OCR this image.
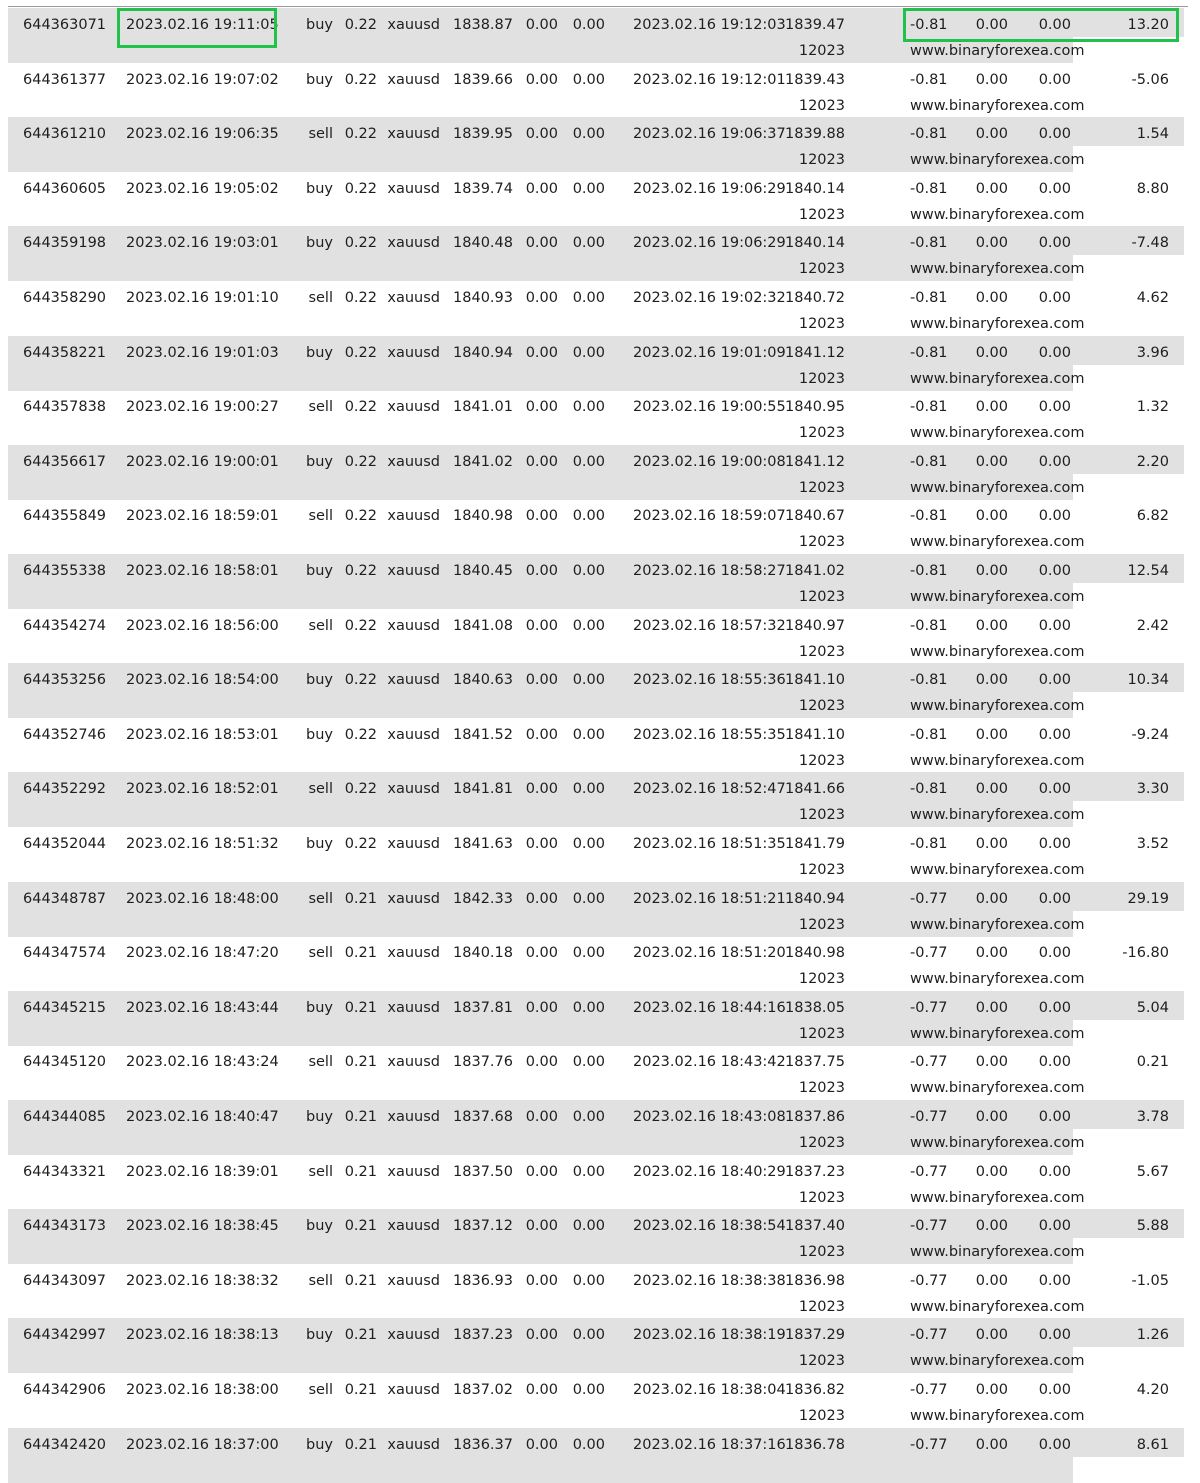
644363071 2023.02.16 19:11:05 buy 0.22 xauusd 1838.87 0.00 0.00 2023.02.16 19:12:03 1839.47
12023
-0.81 0.00 0.00
www.binaryforexea.com
13.20
644361377 2023.02.16 19:07:02 buy 0.22 xauusd 1839.66 0.00 0.00 2023.02.16 19:12:01 1839.43
12023
-0.81 0.00 0.00
www.binaryforexea.com
-5.06
644361210 2023.02.16 19:06:35 sell 0.22 xauusd 1839.95 0.00 0.00 2023.02.16 19:06:37 1839.88
12023
-0.81 0.00 0.00
www.binaryforexea.com
1.54
644360605 2023.02.16 19:05:02 buy 0.22 xauusd 1839.74 0.00 0.00 2023.02.16 19:06:29 1840.14
12023
-0.81 0.00 0.00
www.binaryforexea.com
8.80
644359198 2023.02.16 19:03:01 buy 0.22 xauusd 1840.48 0.00 0.00 2023.02.16 19:06:29 1840.14
12023
-0.81 0.00 0.00
www.binaryforexea.com
-7.48
644358290 2023.02.16 19:01:10 sell 0.22 xauusd 1840.93 0.00 0.00 2023.02.16 19:02:32 1840.72
12023
-0.81 0.00 0.00
www.binaryforexea.com
4.62
644358221 2023.02.16 19:01:03 buy 0.22 xauusd 1840.94 0.00 0.00 2023.02.16 19:01:09 1841.12
12023
-0.81 0.00 0.00
www.binaryforexea.com
3.96
644357838 2023.02.16 19:00:27 sell 0.22 xauusd 1841.01 0.00 0.00 2023.02.16 19:00:55 1840.95
12023
-0.81 0.00 0.00
www.binaryforexea.com
1.32
644356617 2023.02.16 19:00:01 buy 0.22 xauusd 1841.02 0.00 0.00 2023.02.16 19:00:08 1841.12
12023
-0.81 0.00 0.00
www.binaryforexea.com
2.20
644355849 2023.02.16 18:59:01 sell 0.22 xauusd 1840.98 0.00 0.00 2023.02.16 18:59:07 1840.67
12023
-0.81 0.00 0.00
www.binaryforexea.com
6.82
644355338 2023.02.16 18:58:01 buy 0.22 xauusd 1840.45 0.00 0.00 2023.02.16 18:58:27 1841.02
12023
-0.81 0.00 0.00
www.binaryforexea.com
12.54
644354274 2023.02.16 18:56:00 sell 0.22 xauusd 1841.08 0.00 0.00 2023.02.16 18:57:32 1840.97
12023
-0.81 0.00 0.00
www.binaryforexea.com
2.42
644353256 2023.02.16 18:54:00 buy 0.22 xauusd 1840.63 0.00 0.00 2023.02.16 18:55:36 1841.10
12023
-0.81 0.00 0.00
www.binaryforexea.com
10.34
644352746 2023.02.16 18:53:01 buy 0.22 xauusd 1841.52 0.00 0.00 2023.02.16 18:55:35 1841.10
12023
-0.81 0.00 0.00
www.binaryforexea.com
-9.24
644352292 2023.02.16 18:52:01 sell 0.22 xauusd 1841.81 0.00 0.00 2023.02.16 18:52:47 1841.66
12023
-0.81 0.00 0.00
www.binaryforexea.com
3.30
644352044 2023.02.16 18:51:32 buy 0.22 xauusd 1841.63 0.00 0.00 2023.02.16 18:51:35 1841.79
12023
-0.81 0.00 0.00
www.binaryforexea.com
3.52
644348787 2023.02.16 18:48:00 sell 0.21 xauusd 1842.33 0.00 0.00 2023.02.16 18:51:21 1840.94
12023
-0.77 0.00 0.00
www.binaryforexea.com
29.19
644347574 2023.02.16 18:47:20 sell 0.21 xauusd 1840.18 0.00 0.00 2023.02.16 18:51:20 1840.98
12023
-0.77 0.00 0.00
www.binaryforexea.com
-16.80
644345215 2023.02.16 18:43:44 buy 0.21 xauusd 1837.81 0.00 0.00 2023.02.16 18:44:16 1838.05
12023
-0.77 0.00 0.00
www.binaryforexea.com
5.04
644345120 2023.02.16 18:43:24 sell 0.21 xauusd 1837.76 0.00 0.00 2023.02.16 18:43:42 1837.75
12023
-0.77 0.00 0.00
www.binaryforexea.com
0.21
644344085 2023.02.16 18:40:47 buy 0.21 xauusd 1837.68 0.00 0.00 2023.02.16 18:43:08 1837.86
12023
-0.77 0.00 0.00
www.binaryforexea.com
3.78
644343321 2023.02.16 18:39:01 sell 0.21 xauusd 1837.50 0.00 0.00 2023.02.16 18:40:29 1837.23
12023
-0.77 0.00 0.00
www.binaryforexea.com
5.67
644343173 2023.02.16 18:38:45 buy 0.21 xauusd 1837.12 0.00 0.00 2023.02.16 18:38:54 1837.40
12023
-0.77 0.00 0.00
www.binaryforexea.com
5.88
644343097 2023.02.16 18:38:32 sell 0.21 xauusd 1836.93 0.00 0.00 2023.02.16 18:38:38 1836.98
12023
-0.77 0.00 0.00
www.binaryforexea.com
-1.05
644342997 2023.02.16 18:38:13 buy 0.21 xauusd 1837.23 0.00 0.00 2023.02.16 18:38:19 1837.29
12023
-0.77 0.00 0.00
www.binaryforexea.com
1.26
644342906 2023.02.16 18:38:00 sell 0.21 xauusd 1837.02 0.00 0.00 2023.02.16 18:38:04 1836.82
12023
-0.77 0.00 0.00
www.binaryforexea.com
4.20
644342420 2023.02.16 18:37:00 buy 0.21 xauusd 1836.37 0.00 0.00 2023.02.16 18:37:16 1836.78	-0.77 0.00 0.00	8.61
